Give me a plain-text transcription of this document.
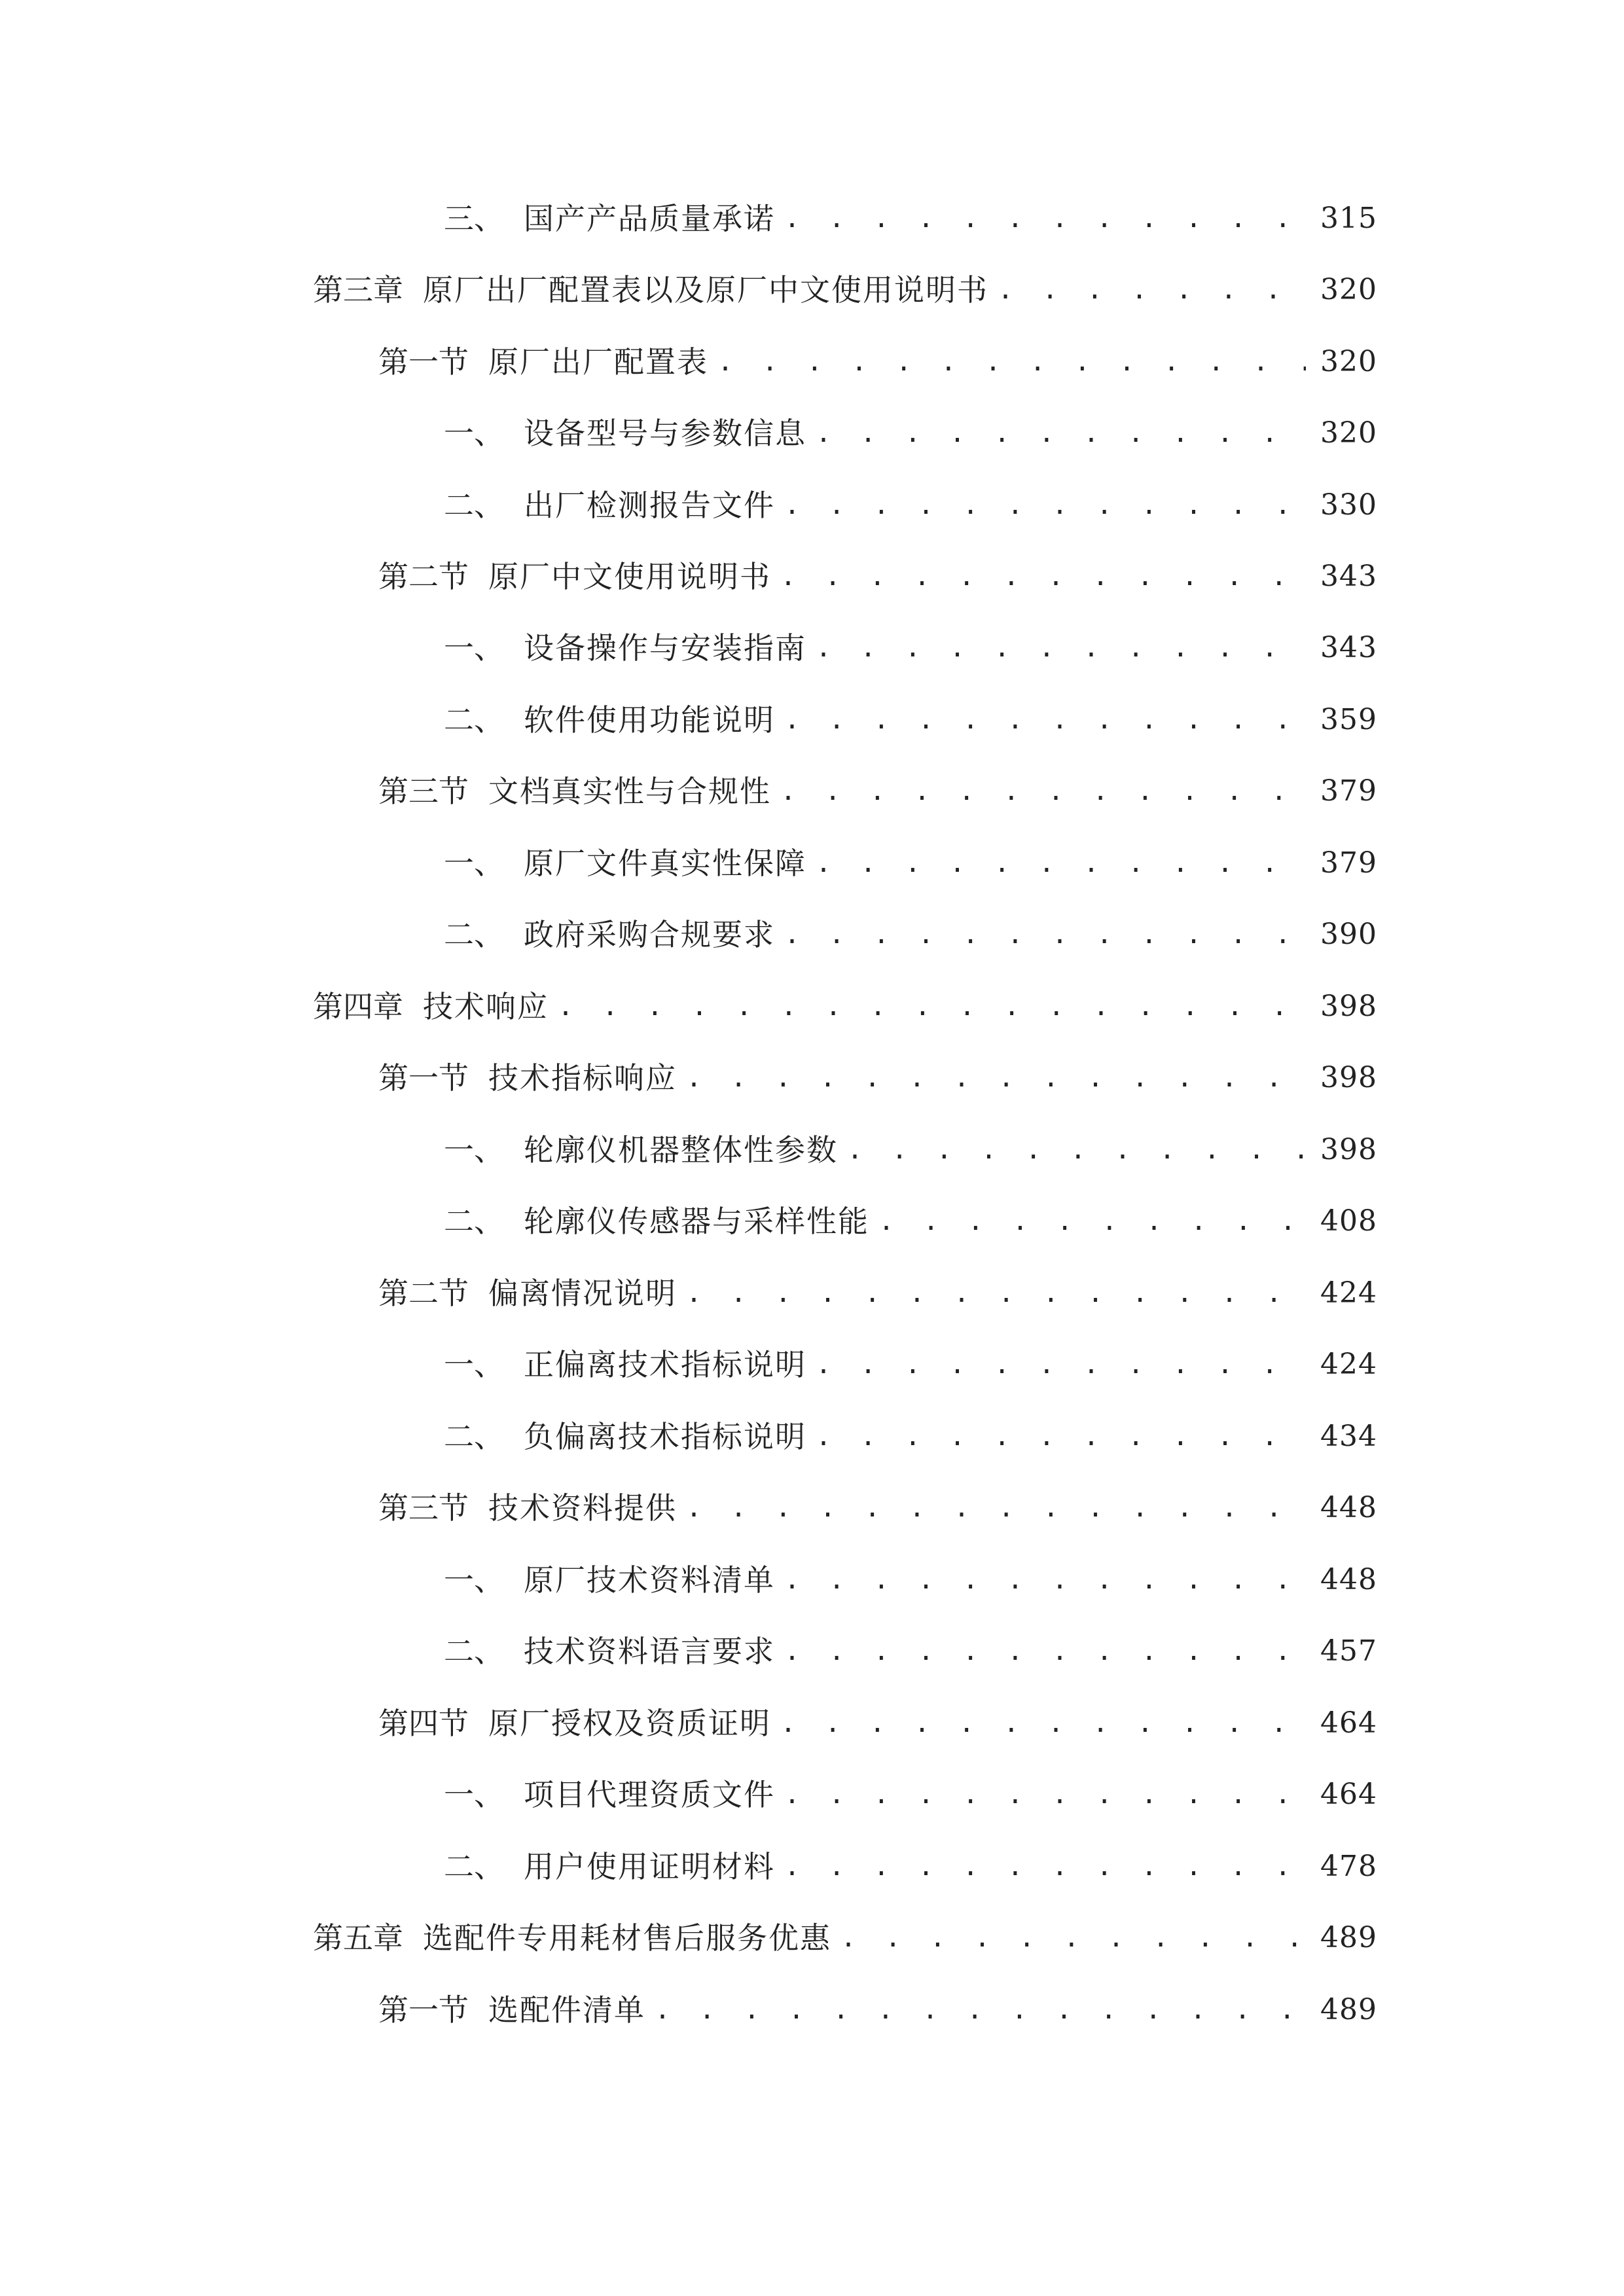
三、 国产产品质量承诺 . . .	315
第三章 原厂出厂配置表以及原厂中文使用说明书 . . .	320
第一节 原厂出厂配置表 . . .	320
一、 设备型号与参数信息 . . .	320
二、 出厂检测报告文件 . . .	330
第二节 原厂中文使用说明书 . . .	343
一、 设备操作与安装指南 . . .	343
二、 软件使用功能说明 . . .	359
第三节 文档真实性与合规性 . . .	379
一、 原厂文件真实性保障 . . .	379
二、 政府采购合规要求 . . .	390
第四章 技术响应 . . .	398
第一节 技术指标响应 . . .	398
一、 轮廓仪机器整体性参数 . . .	398
二、 轮廓仪传感器与采样性能 . . .	408
第二节 偏离情况说明 . . .	424
一、 正偏离技术指标说明 . . .	424
二、 负偏离技术指标说明 . . .	434
第三节 技术资料提供 . . .	448
一、 原厂技术资料清单 . . .	448
二、 技术资料语言要求 . . .	457
第四节 原厂授权及资质证明 . . .	464
一、 项目代理资质文件 . . .	464
二、 用户使用证明材料 . . .	478
第五章 选配件专用耗材售后服务优惠 . . .	489
第一节 选配件清单 . . .	489
